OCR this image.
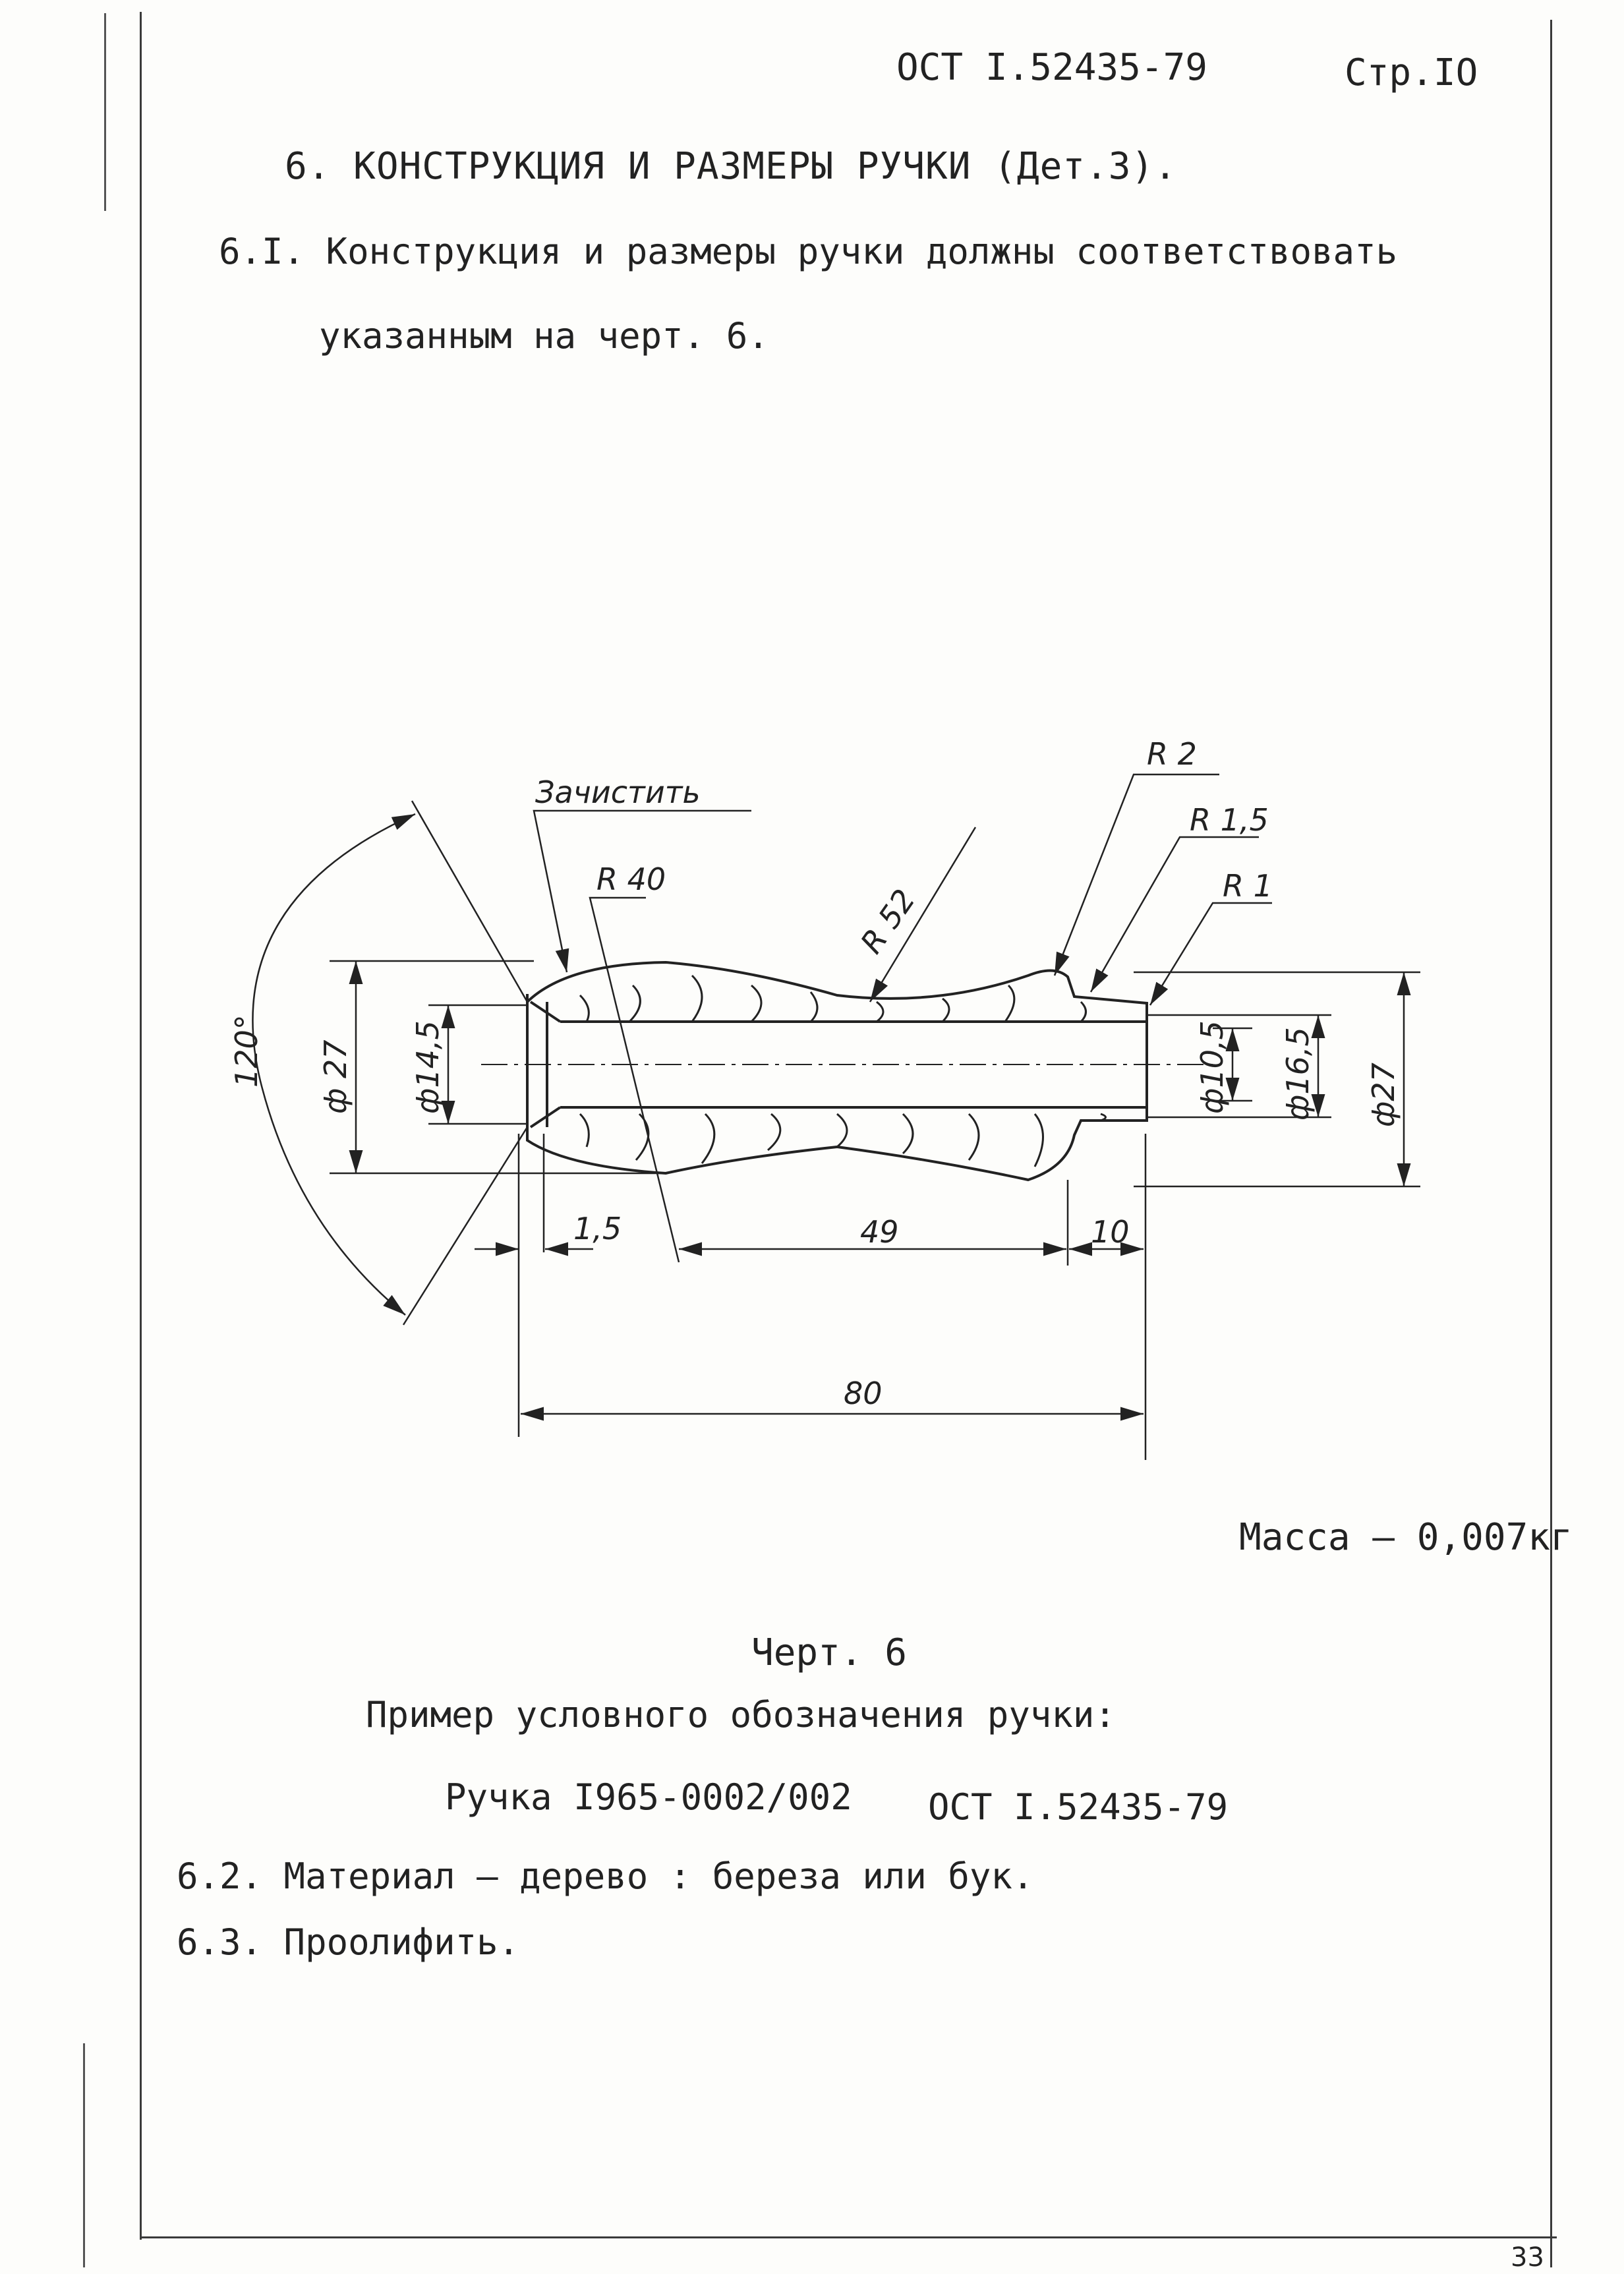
ОСТ I.52435-79	Стр.IO

6. КОНСТРУКЦИЯ И РАЗМЕРЫ РУЧКИ (Дет.3).

6.I. Конструкция и размеры ручки должны соответствовать

указанным на черт. 6.

Зачистить
R 40
R 52
R 2
R 1,5
R 1
120° ф 27 ф14,5	ф10,5 ф16,5 ф27
1,5	49	10
80

Масса – 0,007кг

Черт. 6

Пример условного обозначения ручки:

Ручка I965-0002/002 ОСТ I.52435-79

6.2. Материал – дерево : береза или бук.

6.3. Проолифить.

33
